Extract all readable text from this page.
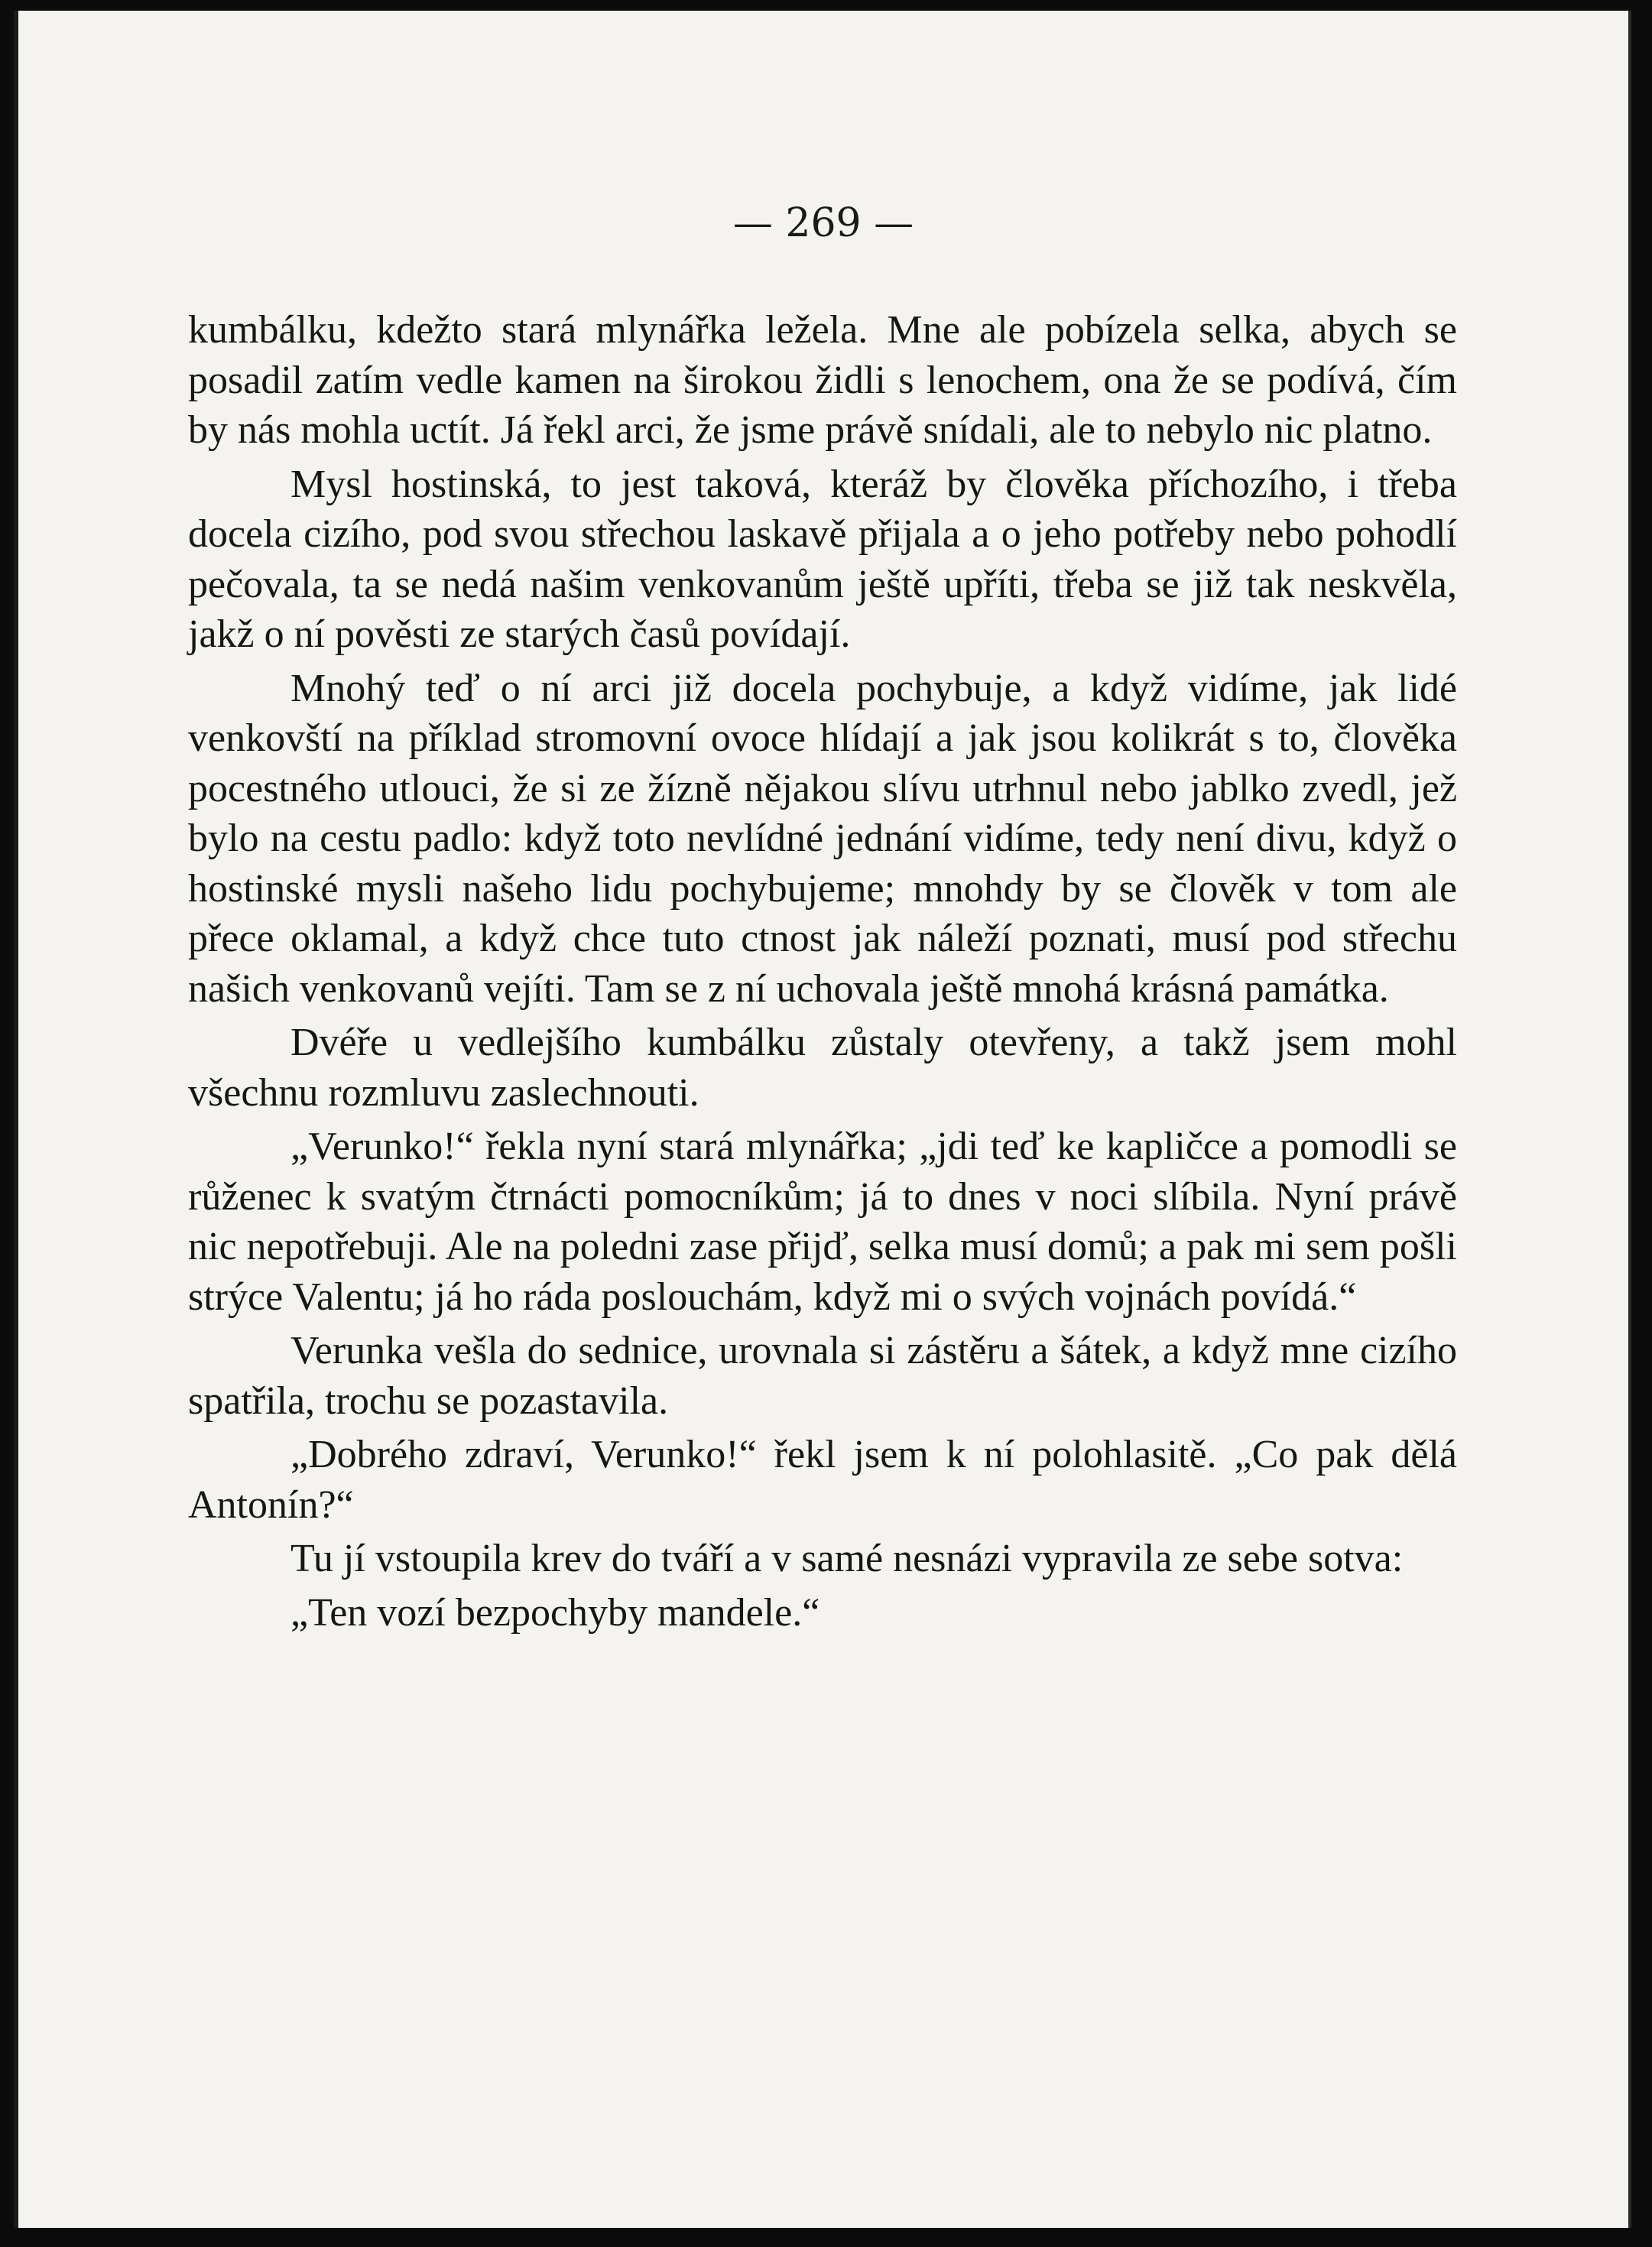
— 269 —

kumbálku, kdežto stará mlynářka ležela. Mne ale pobízela selka, abych se posadil zatím vedle kamen na širokou židli s lenochem, ona že se podívá, čím by nás mohla uctít. Já řekl arci, že jsme právě snídali, ale to nebylo nic platno.

Mysl hostinská, to jest taková, kteráž by člověka příchozího, i třeba docela cizího, pod svou střechou laskavě přijala a o jeho potřeby nebo pohodlí pečovala, ta se nedá našim venkovanům ještě upříti, třeba se již tak neskvěla, jakž o ní pověsti ze starých časů povídají.

Mnohý teď o ní arci již docela pochybuje, a když vidíme, jak lidé venkovští na příklad stromovní ovoce hlídají a jak jsou kolikrát s to, člověka pocestného utlouci, že si ze žízně nějakou slívu utrhnul nebo jablko zvedl, jež bylo na cestu padlo: když toto nevlídné jednání vidíme, tedy není divu, když o hostinské mysli našeho lidu pochybujeme; mnohdy by se člověk v tom ale přece oklamal, a když chce tuto ctnost jak náleží poznati, musí pod střechu našich venkovanů vejíti. Tam se z ní uchovala ještě mnohá krásná památka.

Dvéře u vedlejšího kumbálku zůstaly otevřeny, a takž jsem mohl všechnu rozmluvu zaslechnouti.

„Verunko!“ řekla nyní stará mlynářka; „jdi teď ke kapličce a pomodli se růženec k svatým čtrnácti pomocníkům; já to dnes v noci slíbila. Nyní právě nic nepotřebuji. Ale na poledni zase přijď, selka musí domů; a pak mi sem pošli strýce Valentu; já ho ráda poslouchám, když mi o svých vojnách povídá.“

Verunka vešla do sednice, urovnala si zástěru a šátek, a když mne cizího spatřila, trochu se pozastavila.

„Dobrého zdraví, Verunko!“ řekl jsem k ní polohlasitě. „Co pak dělá Antonín?“

Tu jí vstoupila krev do tváří a v samé nesnázi vypravila ze sebe sotva:

„Ten vozí bezpochyby mandele.“
